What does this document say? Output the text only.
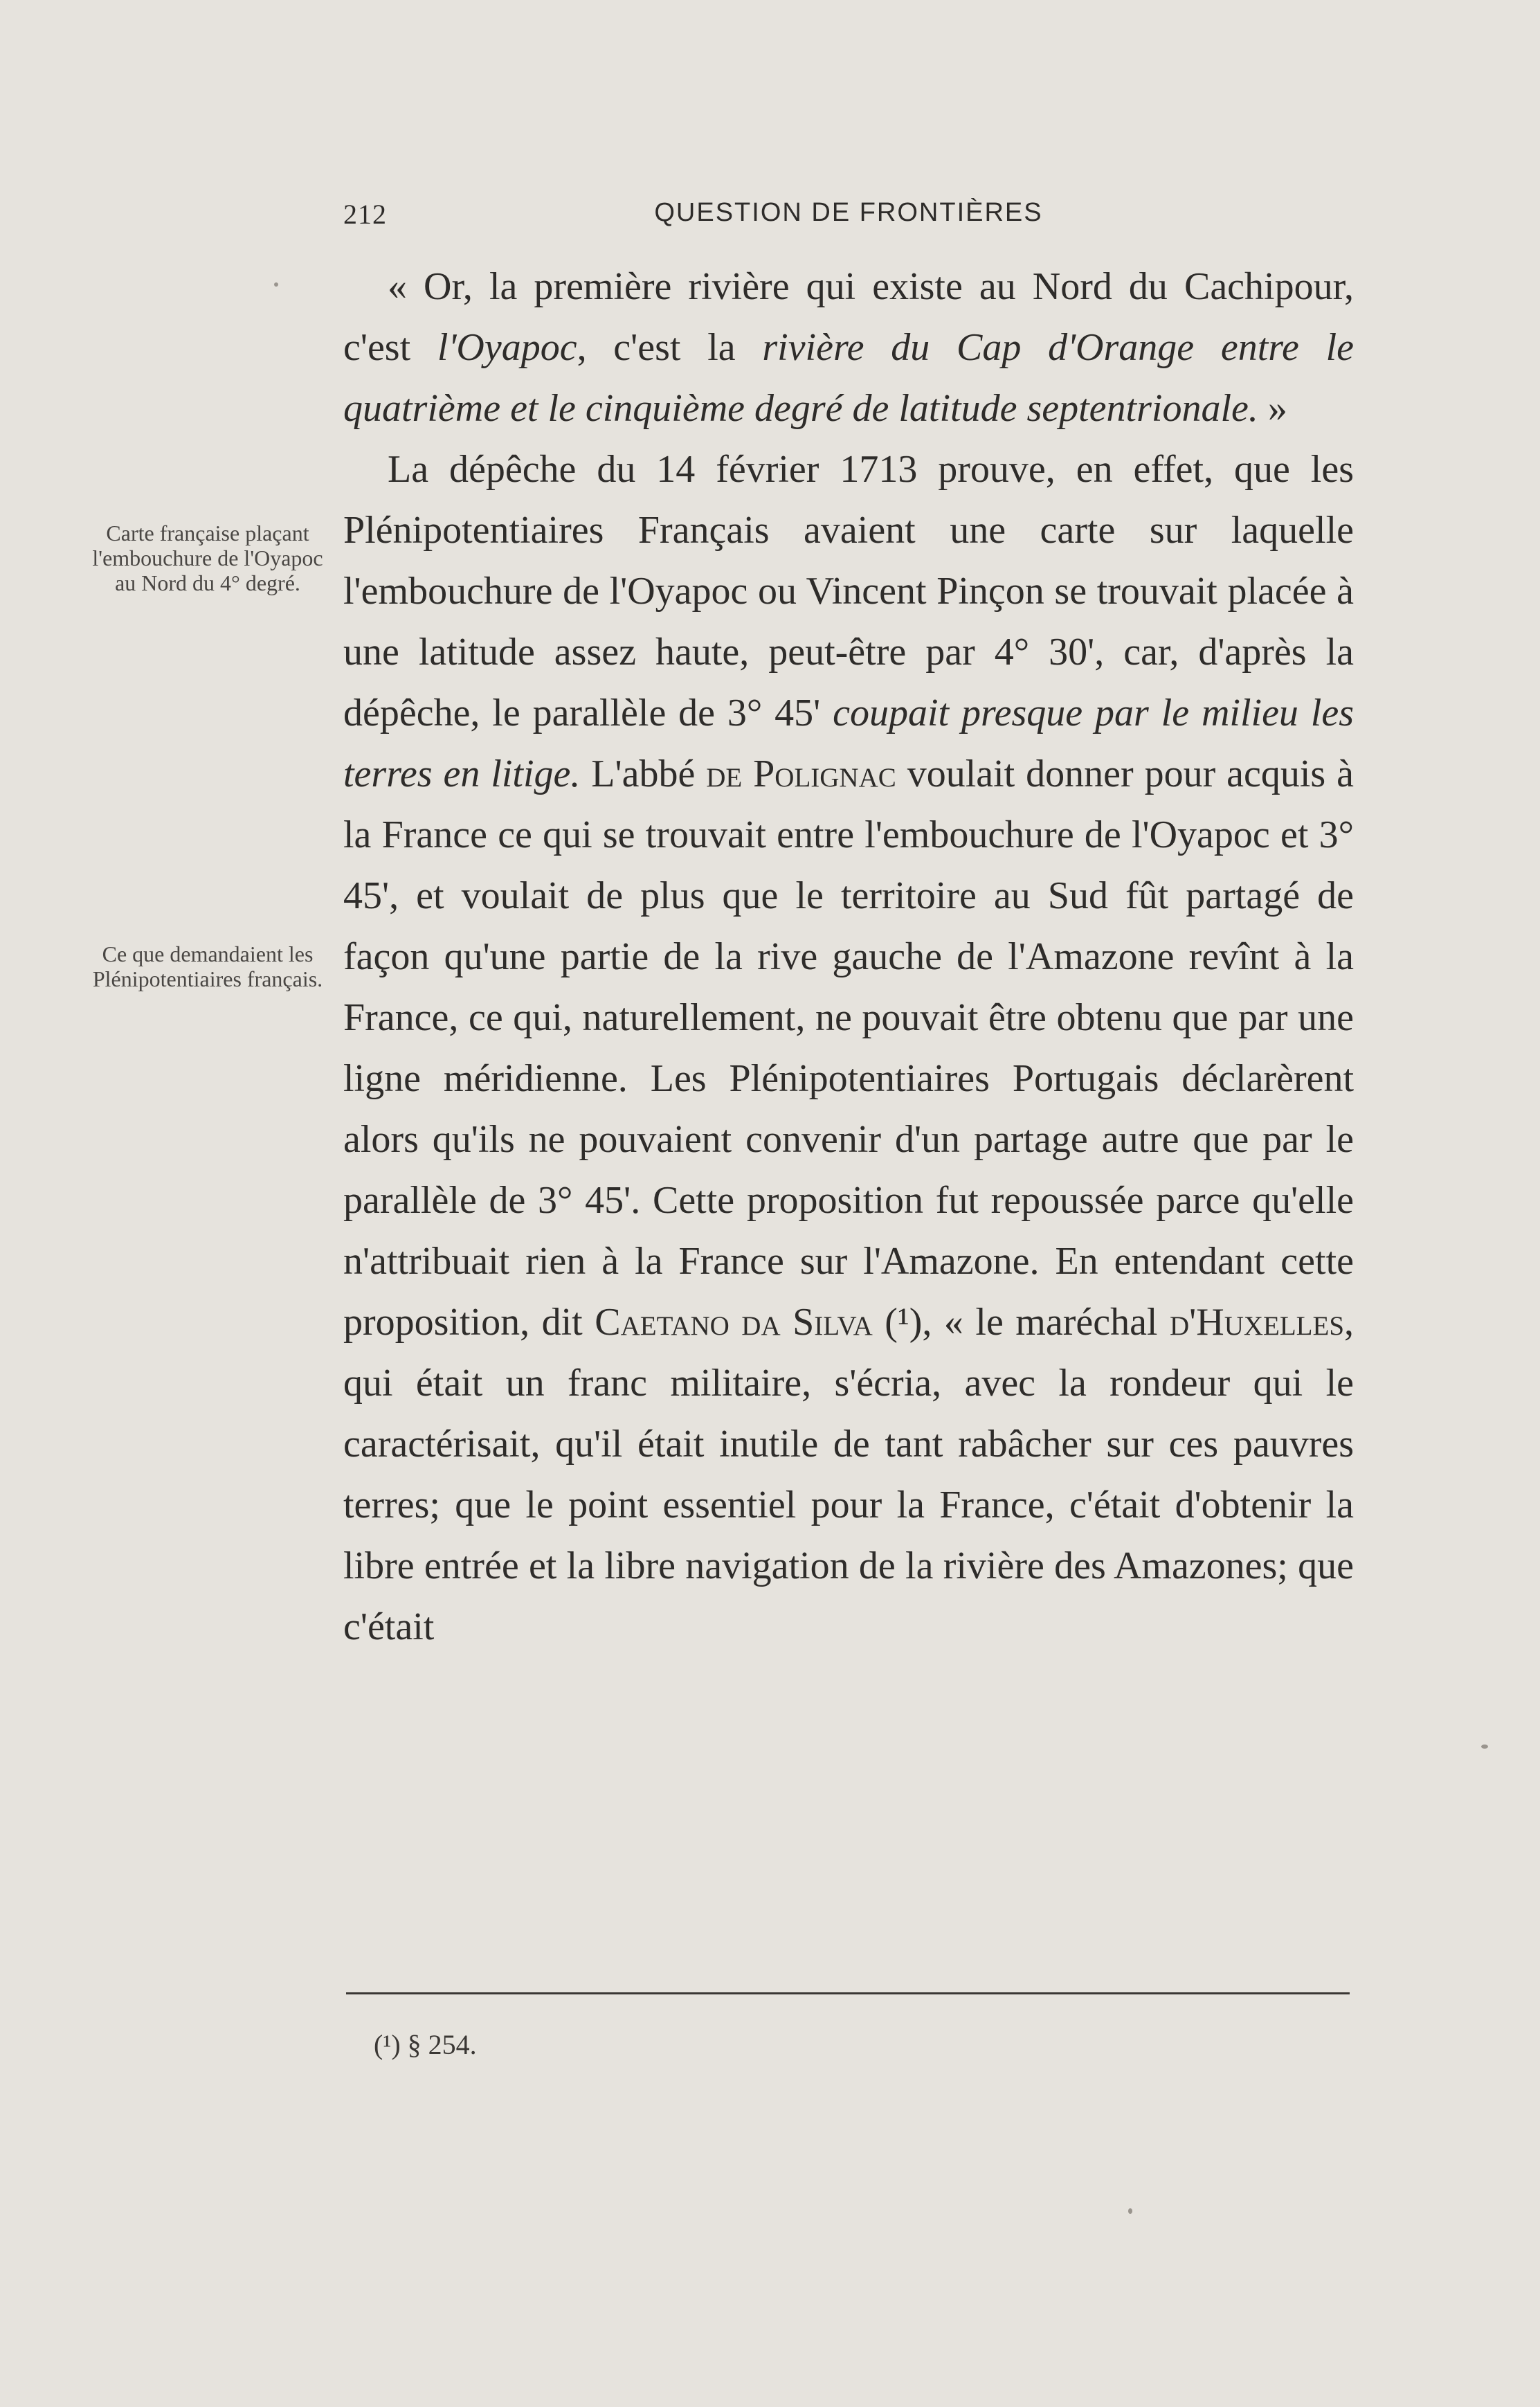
212	QUESTION DE FRONTIÈRES
Carte française plaçant l'embouchure de l'Oyapoc au Nord du 4° degré.
Ce que demandaient les Plénipotentiaires français.

« Or, la première rivière qui existe au Nord du Cachipour, c'est l'Oyapoc, c'est la rivière du Cap d'Orange entre le quatrième et le cinquième degré de latitude septentrionale. »

La dépêche du 14 février 1713 prouve, en effet, que les Plénipotentiaires Français avaient une carte sur laquelle l'embouchure de l'Oyapoc ou Vincent Pinçon se trouvait placée à une latitude assez haute, peut-être par 4° 30', car, d'après la dépêche, le parallèle de 3° 45' coupait presque par le milieu les terres en litige. L'abbé de Polignac voulait donner pour acquis à la France ce qui se trouvait entre l'embouchure de l'Oyapoc et 3° 45', et voulait de plus que le territoire au Sud fût partagé de façon qu'une partie de la rive gauche de l'Amazone revînt à la France, ce qui, naturellement, ne pouvait être obtenu que par une ligne méridienne. Les Plénipotentiaires Portugais déclarèrent alors qu'ils ne pouvaient convenir d'un partage autre que par le parallèle de 3° 45'. Cette proposition fut repoussée parce qu'elle n'attribuait rien à la France sur l'Amazone. En entendant cette proposition, dit Caetano da Silva (¹), « le maréchal d'Huxelles, qui était un franc militaire, s'écria, avec la rondeur qui le caractérisait, qu'il était inutile de tant rabâcher sur ces pauvres terres; que le point essentiel pour la France, c'était d'obtenir la libre entrée et la libre navigation de la rivière des Amazones; que c'était

(¹) § 254.
